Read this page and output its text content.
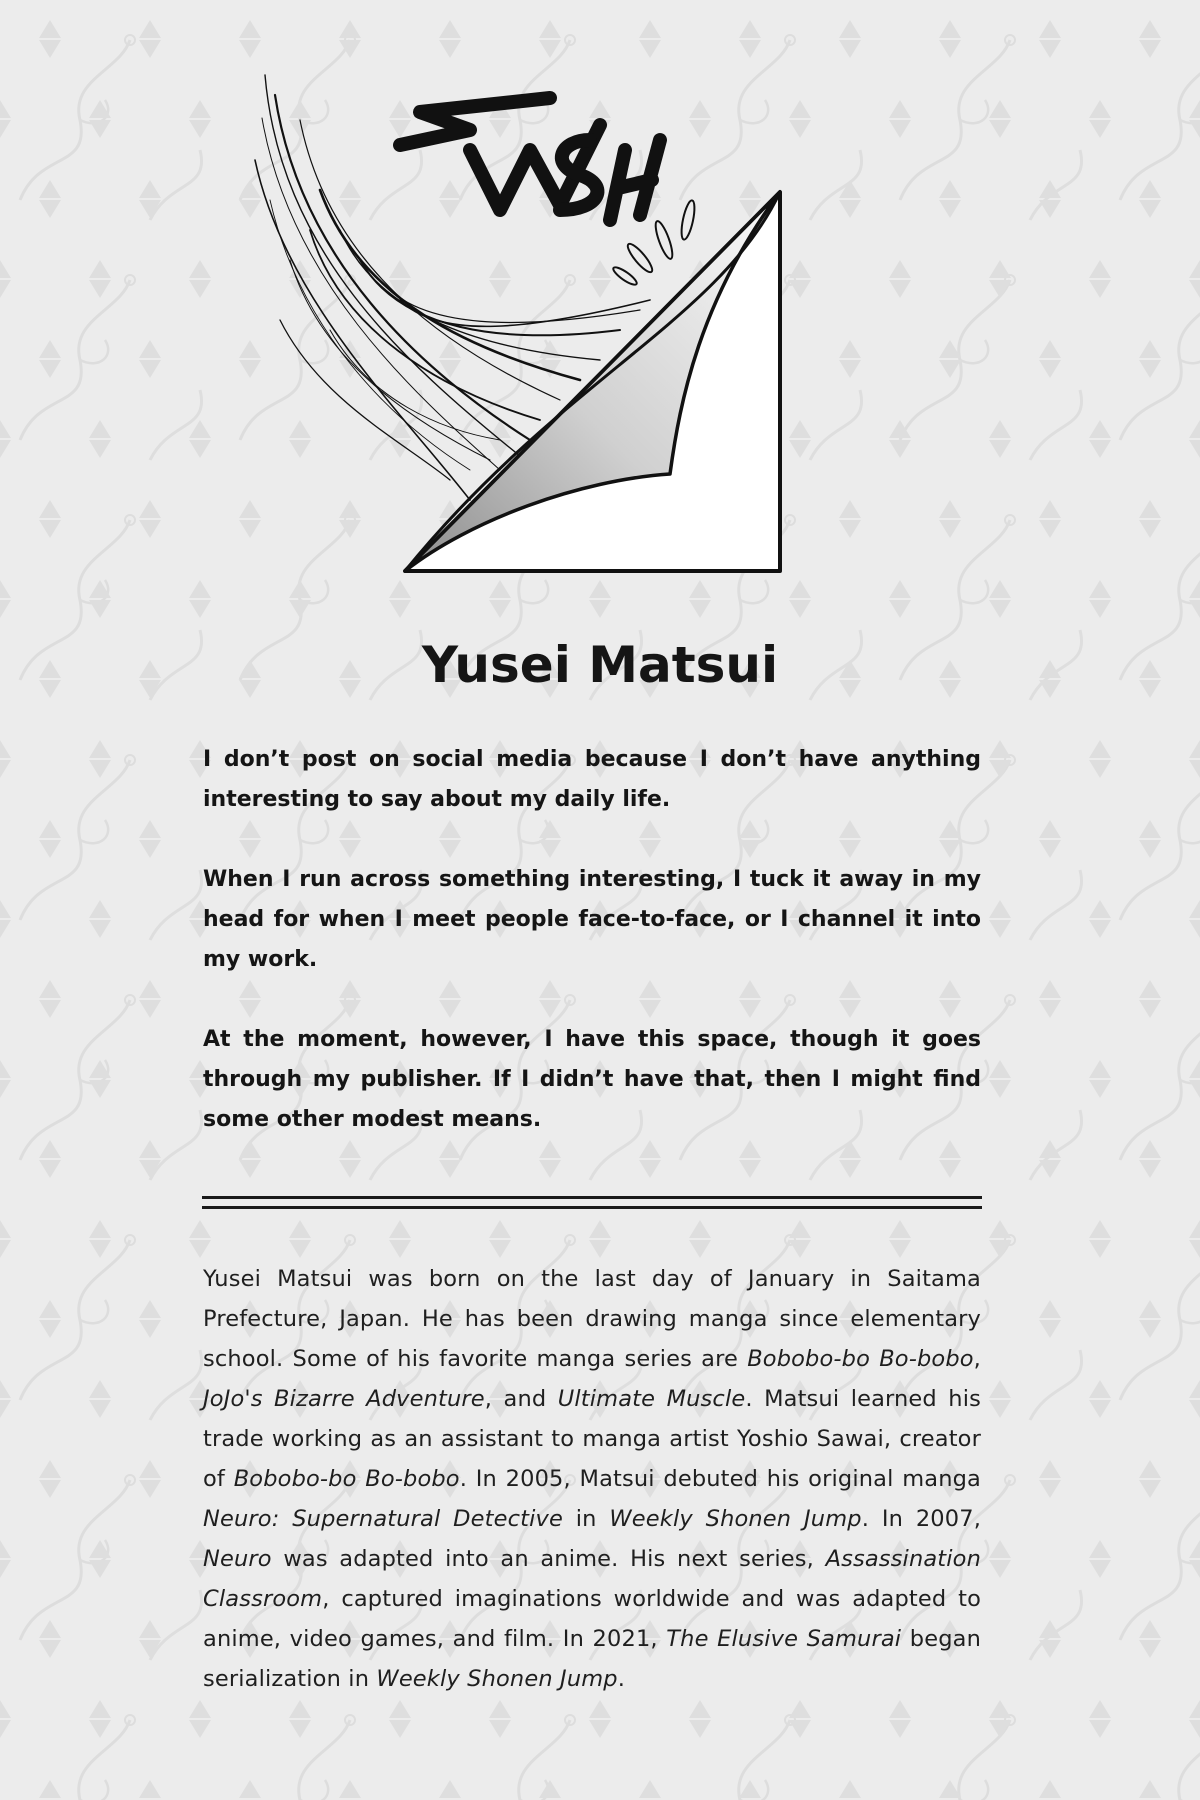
Yusei Matsui

I don’t post on social media because I don’t have anything interesting to say about my daily life.

When I run across something interesting, I tuck it away in my head for when I meet people face-to-face, or I channel it into my work.

At the moment, however, I have this space, though it goes through my publisher. If I didn’t have that, then I might find some other modest means.

Yusei Matsui was born on the last day of January in Saitama Prefecture, Japan. He has been drawing manga since elementary school. Some of his favorite manga series are Bobobo-bo Bo-bobo, JoJo's Bizarre Adventure, and Ultimate Muscle. Matsui learned his trade working as an assistant to manga artist Yoshio Sawai, creator of Bobobo-bo Bo-bobo. In 2005, Matsui debuted his original manga Neuro: Supernatural Detective in Weekly Shonen Jump. In 2007, Neuro was adapted into an anime. His next series, Assassination Classroom, captured imaginations worldwide and was adapted to anime, video games, and film. In 2021, The Elusive Samurai began serialization in Weekly Shonen Jump.
